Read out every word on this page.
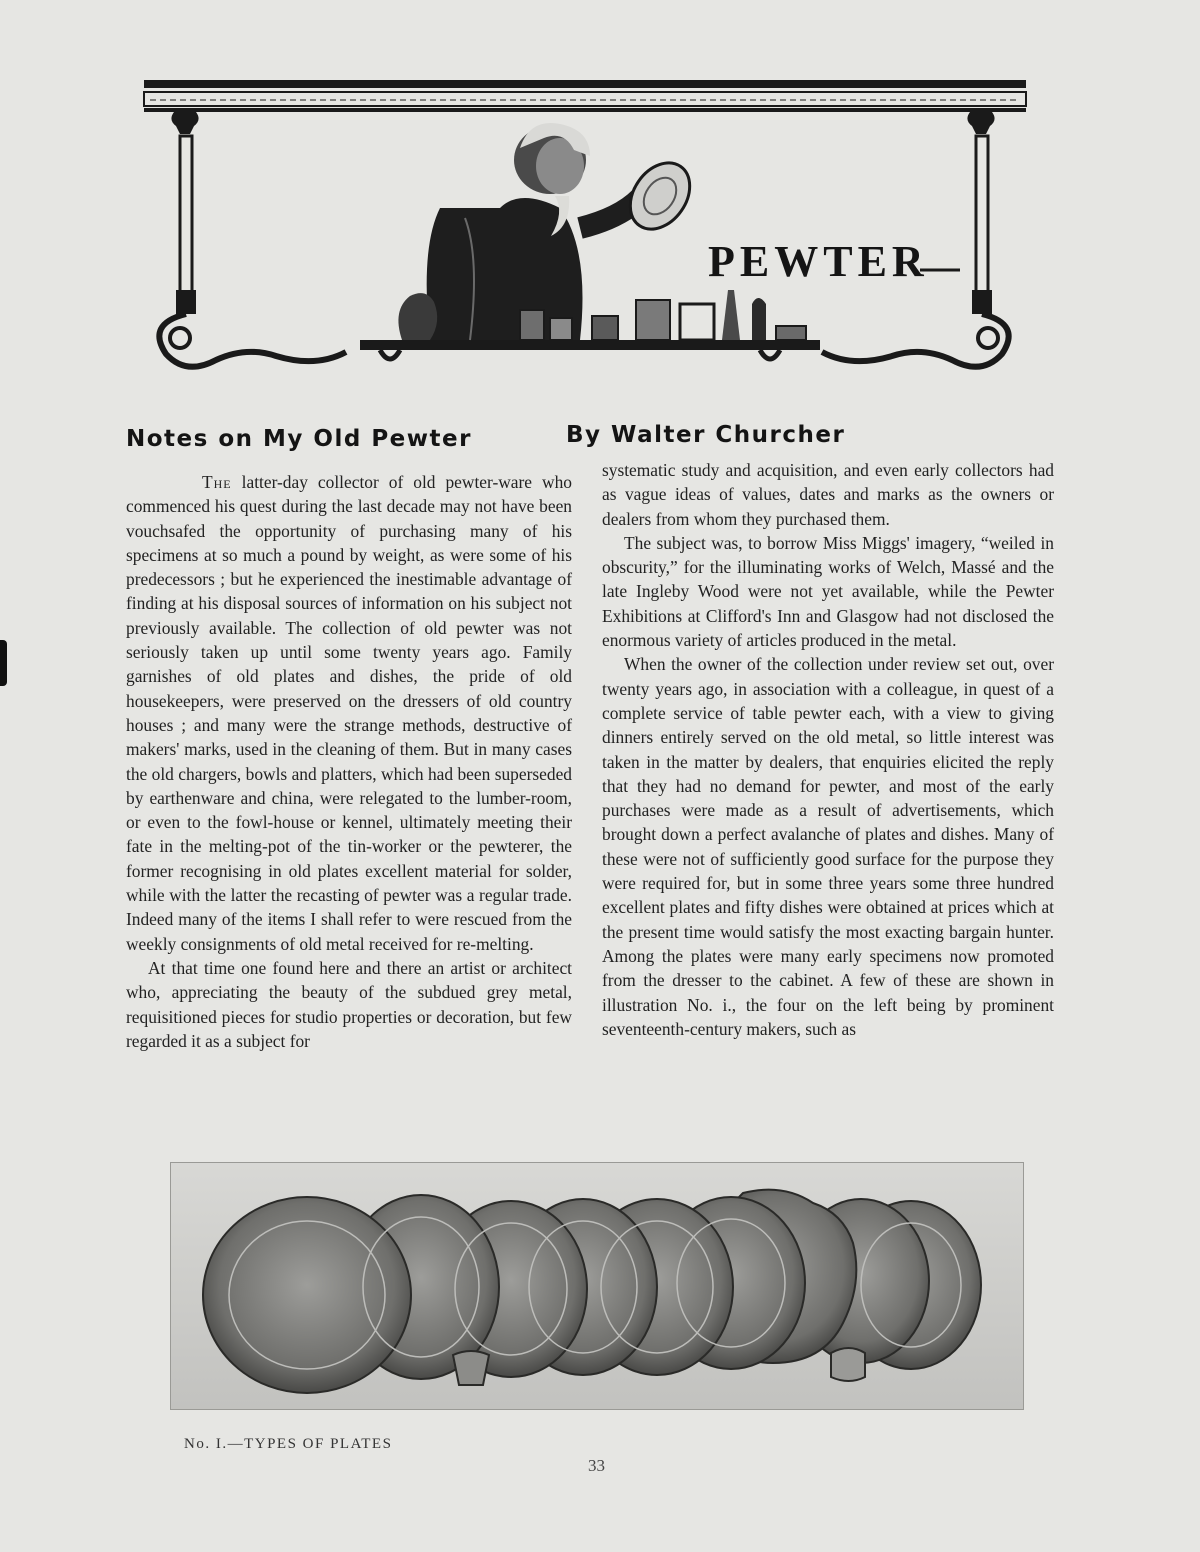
PEWTER
Notes on My Old Pewter	By Walter Churcher

The latter-day collector of old pewter-ware who commenced his quest during the last decade may not have been vouchsafed the opportunity of purchasing many of his specimens at so much a pound by weight, as were some of his predecessors ; but he experienced the inestimable advantage of finding at his disposal sources of information on his subject not previously available. The collection of old pewter was not seriously taken up until some twenty years ago. Family garnishes of old plates and dishes, the pride of old housekeepers, were preserved on the dressers of old country houses ; and many were the strange methods, destructive of makers' marks, used in the cleaning of them. But in many cases the old chargers, bowls and platters, which had been superseded by earthenware and china, were relegated to the lumber-room, or even to the fowl-house or kennel, ultimately meeting their fate in the melting-pot of the tin-worker or the pewterer, the former recognising in old plates excellent material for solder, while with the latter the recasting of pewter was a regular trade. Indeed many of the items I shall refer to were rescued from the weekly consignments of old metal received for re-melting.

At that time one found here and there an artist or architect who, appreciating the beauty of the subdued grey metal, requisitioned pieces for studio properties or decoration, but few regarded it as a subject for

systematic study and acquisition, and even early collectors had as vague ideas of values, dates and marks as the owners or dealers from whom they purchased them.

The subject was, to borrow Miss Miggs' imagery, “weiled in obscurity,” for the illuminating works of Welch, Massé and the late Ingleby Wood were not yet available, while the Pewter Exhibitions at Clifford's Inn and Glasgow had not disclosed the enormous variety of articles produced in the metal.

When the owner of the collection under review set out, over twenty years ago, in association with a colleague, in quest of a complete service of table pewter each, with a view to giving dinners entirely served on the old metal, so little interest was taken in the matter by dealers, that enquiries elicited the reply that they had no demand for pewter, and most of the early purchases were made as a result of advertisements, which brought down a perfect avalanche of plates and dishes. Many of these were not of sufficiently good surface for the purpose they were required for, but in some three years some three hundred excellent plates and fifty dishes were obtained at prices which at the present time would satisfy the most exacting bargain hunter. Among the plates were many early specimens now promoted from the dresser to the cabinet. A few of these are shown in illustration No. i., the four on the left being by prominent seventeenth-century makers, such as

No. I.—TYPES OF PLATES
33
